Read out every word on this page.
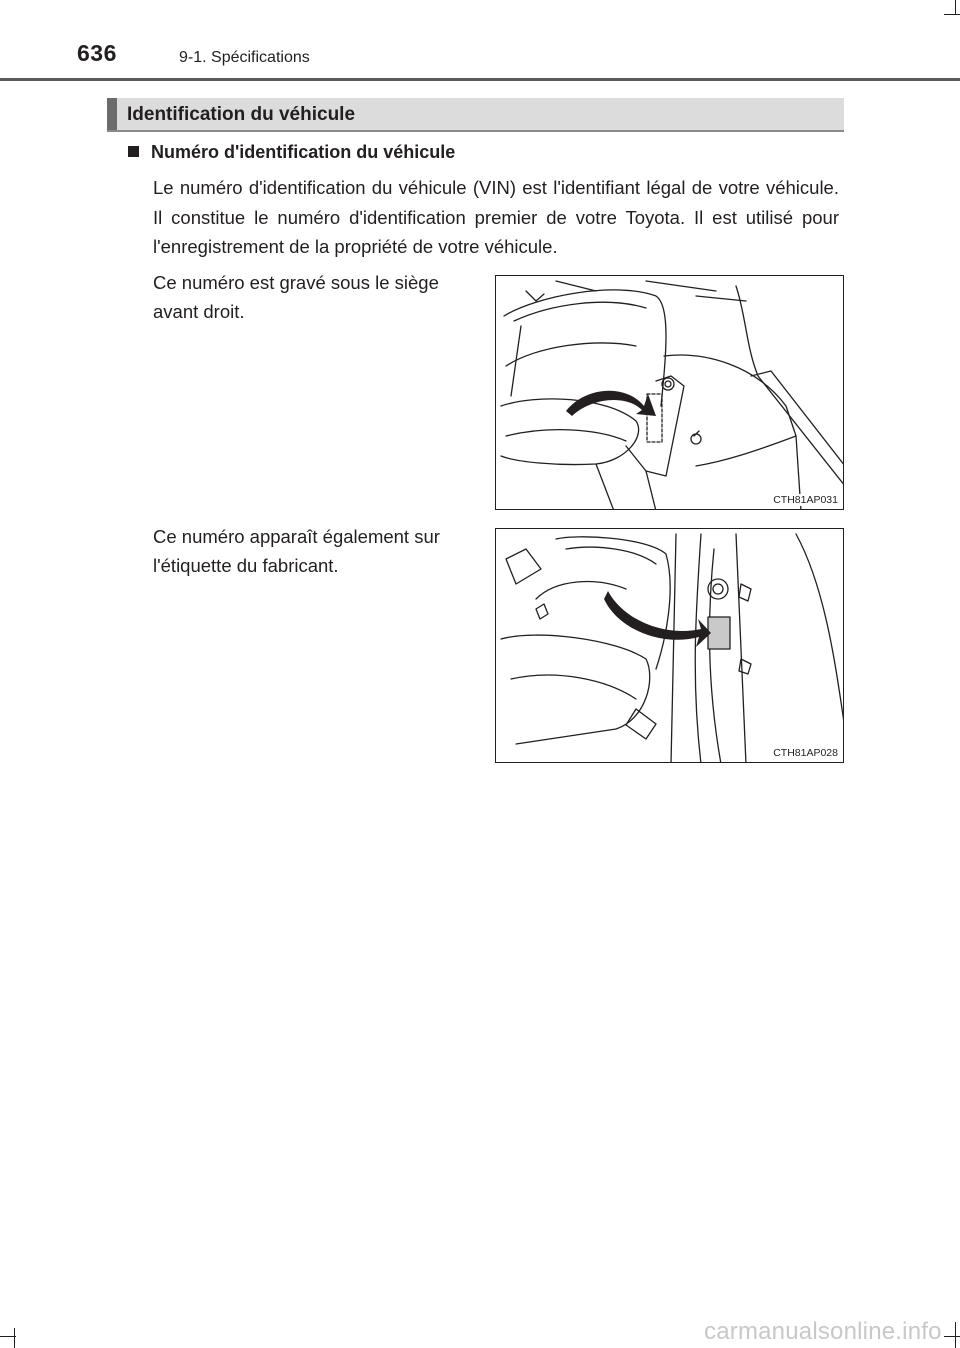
636	9-1. Spécifications
Identification du véhicule
Numéro d'identification du véhicule
Le numéro d'identification du véhicule (VIN) est l'identifiant légal de votre véhicule. Il constitue le numéro d'identification premier de votre Toyota. Il est utilisé pour l'enregistrement de la propriété de votre véhicule.
Ce numéro est gravé sous le siège avant droit.
CTH81AP031
Ce numéro apparaît également sur l'étiquette du fabricant.
CTH81AP028
carmanualsonline.info
